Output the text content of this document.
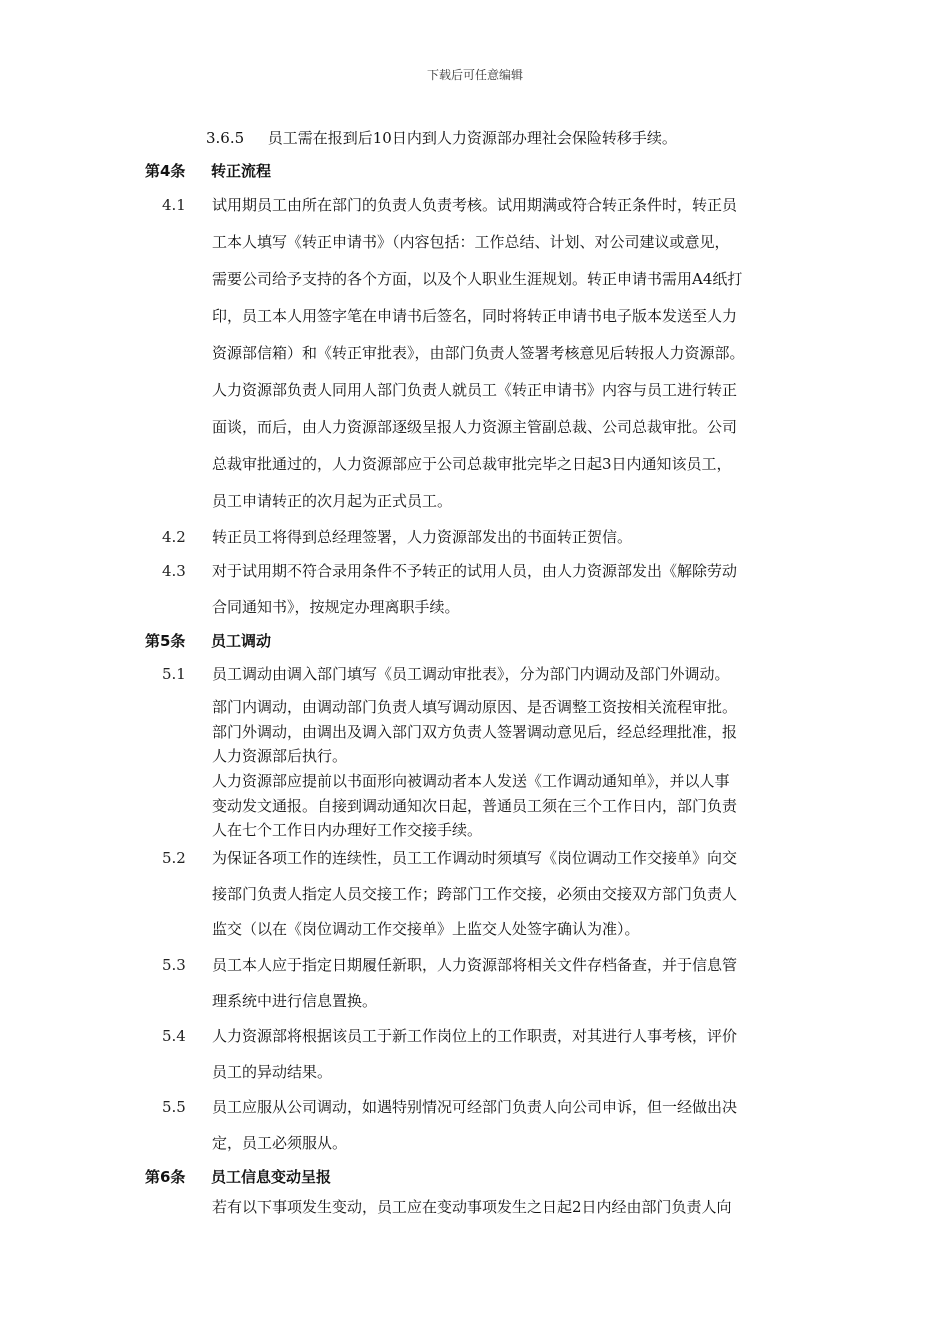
下载后可任意编辑
3.6.5 员工需在报到后10日内到人力资源部办理社会保险转移手续。
第4条 转正流程
4.1 试用期员工由所在部门的负责人负责考核。试用期满或符合转正条件时，转正员
工本人填写《转正申请书》（内容包括：工作总结、计划、对公司建议或意见，
需要公司给予支持的各个方面，以及个人职业生涯规划。转正申请书需用A4纸打
印，员工本人用签字笔在申请书后签名，同时将转正申请书电子版本发送至人力
资源部信箱）和《转正审批表》，由部门负责人签署考核意见后转报人力资源部。
人力资源部负责人同用人部门负责人就员工《转正申请书》内容与员工进行转正
面谈，而后，由人力资源部逐级呈报人力资源主管副总裁、公司总裁审批。公司
总裁审批通过的，人力资源部应于公司总裁审批完毕之日起3日内通知该员工，
员工申请转正的次月起为正式员工。
4.2 转正员工将得到总经理签署，人力资源部发出的书面转正贺信。
4.3 对于试用期不符合录用条件不予转正的试用人员，由人力资源部发出《解除劳动
合同通知书》，按规定办理离职手续。
第5条 员工调动
5.1 员工调动由调入部门填写《员工调动审批表》，分为部门内调动及部门外调动。
部门内调动，由调动部门负责人填写调动原因、是否调整工资按相关流程审批。
部门外调动，由调出及调入部门双方负责人签署调动意见后，经总经理批准，报
人力资源部后执行。
人力资源部应提前以书面形向被调动者本人发送《工作调动通知单》，并以人事
变动发文通报。自接到调动通知次日起，普通员工须在三个工作日内，部门负责
人在七个工作日内办理好工作交接手续。
5.2 为保证各项工作的连续性，员工工作调动时须填写《岗位调动工作交接单》向交
接部门负责人指定人员交接工作；跨部门工作交接，必须由交接双方部门负责人
监交（以在《岗位调动工作交接单》上监交人处签字确认为准）。
5.3 员工本人应于指定日期履任新职，人力资源部将相关文件存档备查，并于信息管
理系统中进行信息置换。
5.4 人力资源部将根据该员工于新工作岗位上的工作职责，对其进行人事考核，评价
员工的异动结果。
5.5 员工应服从公司调动，如遇特别情况可经部门负责人向公司申诉，但一经做出决
定，员工必须服从。
第6条 员工信息变动呈报
若有以下事项发生变动，员工应在变动事项发生之日起2日内经由部门负责人向
